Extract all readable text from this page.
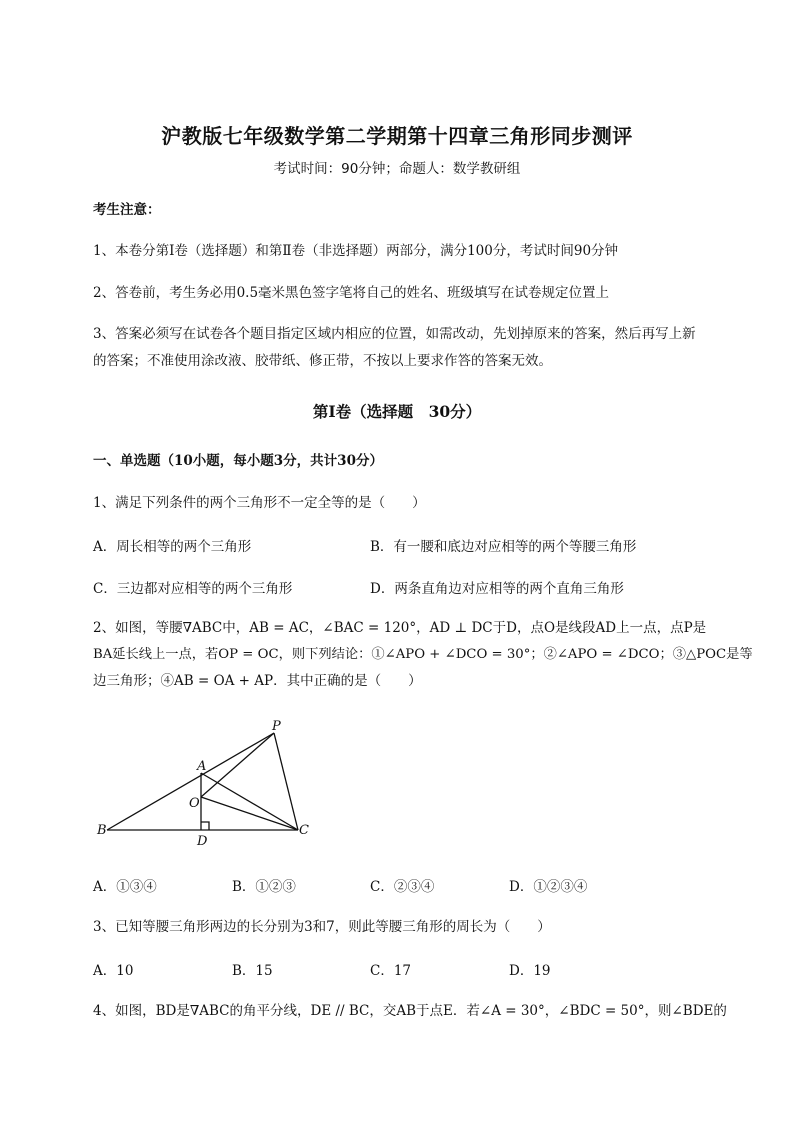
沪教版七年级数学第二学期第十四章三角形同步测评
考试时间：90分钟；命题人：数学教研组
考生注意：
1、本卷分第I卷（选择题）和第Ⅱ卷（非选择题）两部分，满分100分，考试时间90分钟
2、答卷前，考生务必用0.5毫米黑色签字笔将自己的姓名、班级填写在试卷规定位置上
3、答案必须写在试卷各个题目指定区域内相应的位置，如需改动，先划掉原来的答案，然后再写上新
的答案；不准使用涂改液、胶带纸、修正带，不按以上要求作答的答案无效。
第I卷（选择题　30分）
一、单选题（10小题，每小题3分，共计30分）
1、满足下列条件的两个三角形不一定全等的是（　　）
A．周长相等的两个三角形	B．有一腰和底边对应相等的两个等腰三角形
C．三边都对应相等的两个三角形	D．两条直角边对应相等的两个直角三角形
2、如图，等腰∇ABC中，AB = AC，∠BAC = 120°，AD ⊥ DC于D，点O是线段AD上一点，点P是
BA延长线上一点，若OP = OC，则下列结论：①∠APO + ∠DCO = 30°；②∠APO = ∠DCO；③△POC是等
边三角形；④AB = OA + AP．其中正确的是（　　）
P
A
O
B
D
C
A．①③④	B．①②③	C．②③④	D．①②③④
3、已知等腰三角形两边的长分别为3和7，则此等腰三角形的周长为（　　）
A．10	B．15	C．17	D．19
4、如图，BD是∇ABC的角平分线，DE // BC，交AB于点E．若∠A = 30°，∠BDC = 50°，则∠BDE的
